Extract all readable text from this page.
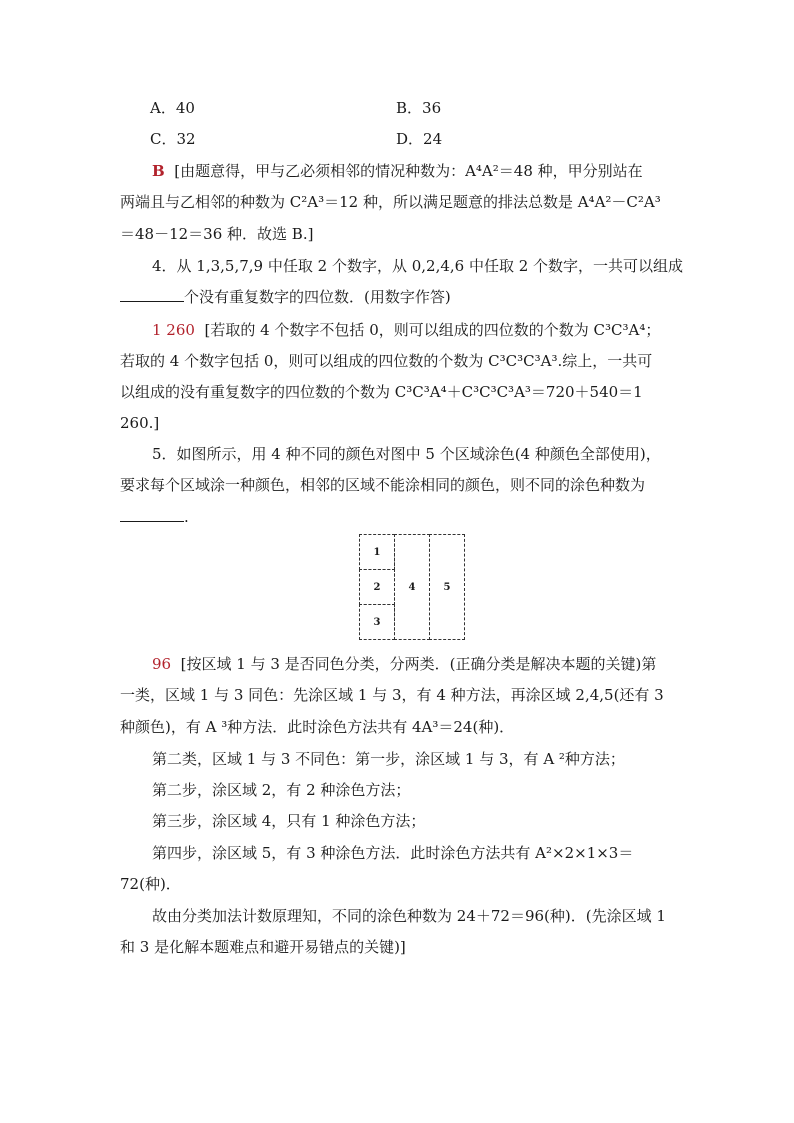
A．40	B．36
C．32	D．24
B [由题意得，甲与乙必须相邻的情况种数为：A⁴A²＝48 种，甲分别站在
两端且与乙相邻的种数为 C²A³＝12 种，所以满足题意的排法总数是 A⁴A²－C²A³
＝48－12＝36 种．故选 B.]
4．从 1,3,5,7,9 中任取 2 个数字，从 0,2,4,6 中任取 2 个数字，一共可以组成
个没有重复数字的四位数．(用数字作答)
1 260 [若取的 4 个数字不包括 0，则可以组成的四位数的个数为 C³C³A⁴；
若取的 4 个数字包括 0，则可以组成的四位数的个数为 C³C³C³A³.综上，一共可
以组成的没有重复数字的四位数的个数为 C³C³A⁴＋C³C³C³A³＝720＋540＝1
260.]
5．如图所示，用 4 种不同的颜色对图中 5 个区域涂色(4 种颜色全部使用)，
要求每个区域涂一种颜色，相邻的区域不能涂相同的颜色，则不同的涂色种数为
.
1
2
3
4	5
96 [按区域 1 与 3 是否同色分类，分两类．(正确分类是解决本题的关键)第
一类，区域 1 与 3 同色：先涂区域 1 与 3，有 4 种方法，再涂区域 2,4,5(还有 3
种颜色)，有 A ³种方法．此时涂色方法共有 4A³＝24(种)．
第二类，区域 1 与 3 不同色：第一步，涂区域 1 与 3，有 A ²种方法；
第二步，涂区域 2，有 2 种涂色方法；
第三步，涂区域 4，只有 1 种涂色方法；
第四步，涂区域 5，有 3 种涂色方法．此时涂色方法共有 A²×2×1×3＝
72(种)．
故由分类加法计数原理知，不同的涂色种数为 24＋72＝96(种)．(先涂区域 1
和 3 是化解本题难点和避开易错点的关键)]
